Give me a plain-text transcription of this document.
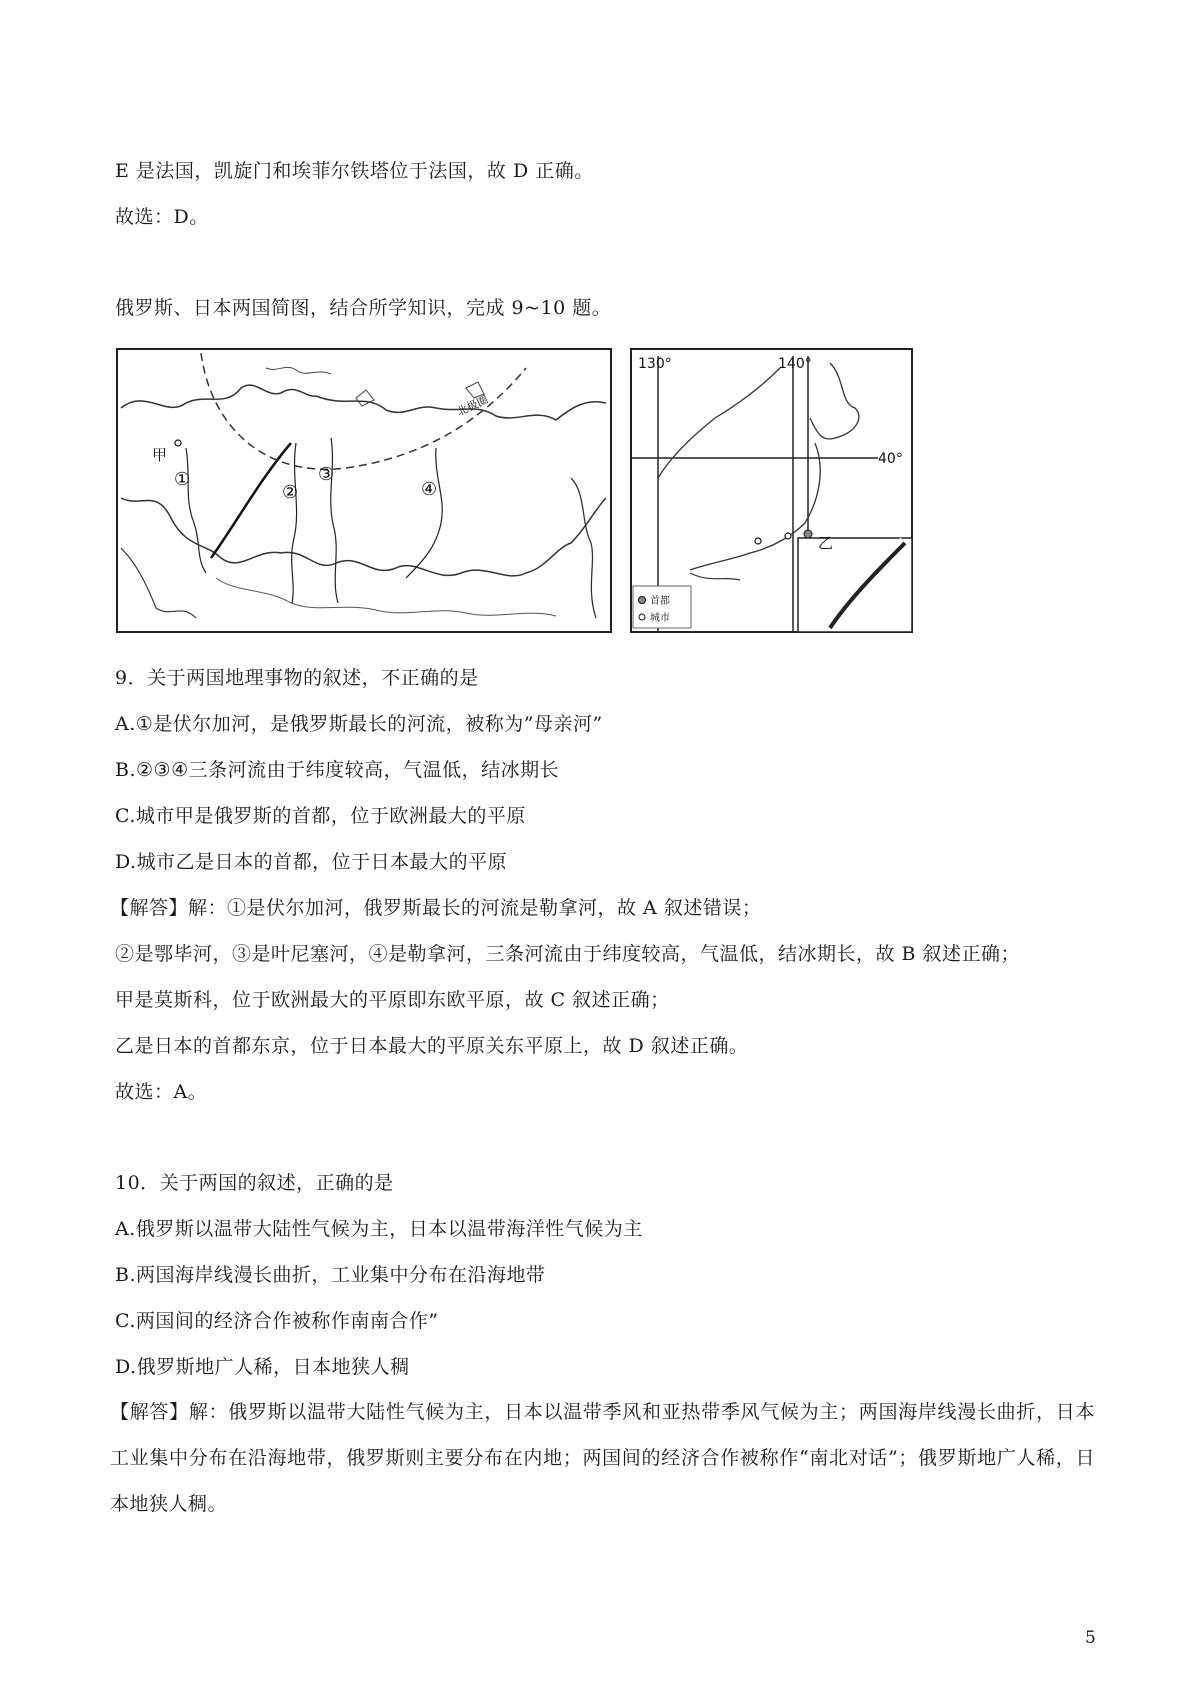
E 是法国，凯旋门和埃菲尔铁塔位于法国，故 D 正确。
故选：D。
俄罗斯、日本两国简图，结合所学知识，完成 9~10 题。
北极圈
甲
①
②
③
④
130°	140°
40°
乙
首都
城市
9．关于两国地理事物的叙述，不正确的是
A.①是伏尔加河，是俄罗斯最长的河流，被称为”母亲河”
B.②③④三条河流由于纬度较高，气温低，结冰期长
C.城市甲是俄罗斯的首都，位于欧洲最大的平原
D.城市乙是日本的首都，位于日本最大的平原
【解答】解：①是伏尔加河，俄罗斯最长的河流是勒拿河，故 A 叙述错误；
②是鄂毕河，③是叶尼塞河，④是勒拿河，三条河流由于纬度较高，气温低，结冰期长，故 B 叙述正确；
甲是莫斯科，位于欧洲最大的平原即东欧平原，故 C 叙述正确；
乙是日本的首都东京，位于日本最大的平原关东平原上，故 D 叙述正确。
故选：A。
10．关于两国的叙述，正确的是
A.俄罗斯以温带大陆性气候为主，日本以温带海洋性气候为主
B.两国海岸线漫长曲折，工业集中分布在沿海地带
C.两国间的经济合作被称作南南合作”
D.俄罗斯地广人稀，日本地狭人稠
【解答】解：俄罗斯以温带大陆性气候为主，日本以温带季风和亚热带季风气候为主；两国海岸线漫长曲折，日本工业集中分布在沿海地带，俄罗斯则主要分布在内地；两国间的经济合作被称作“南北对话”；俄罗斯地广人稀，日本地狭人稠。
5
